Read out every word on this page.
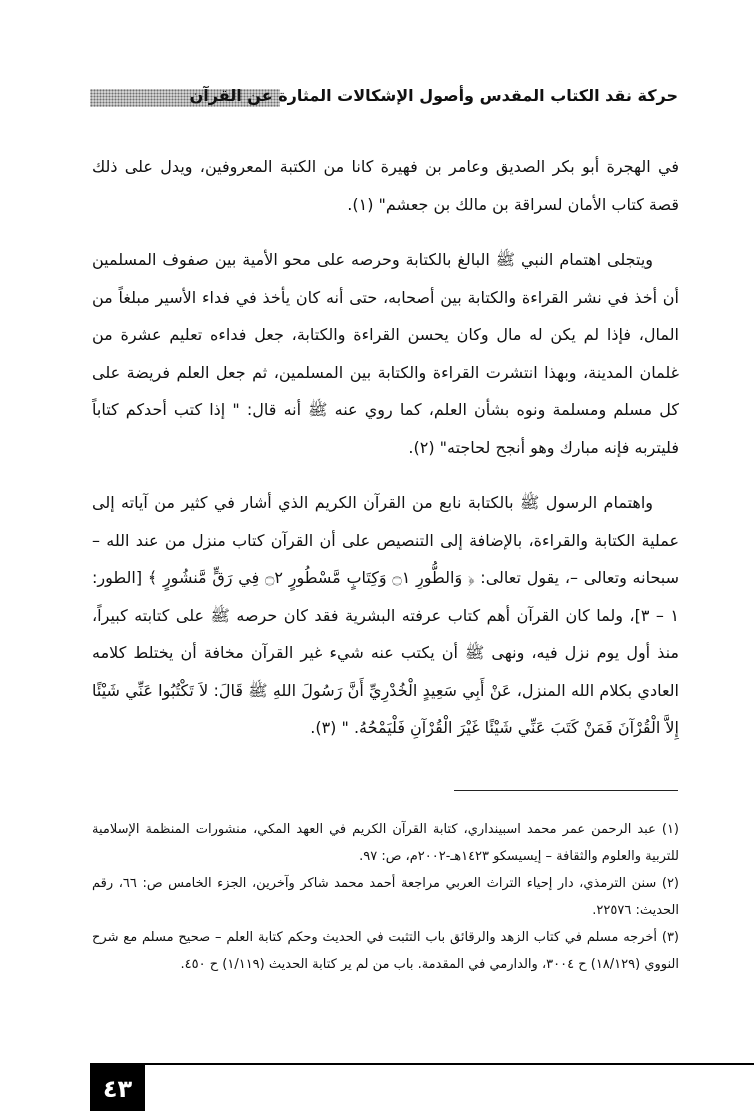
حركة نقد الكتاب المقدس وأصول الإشكالات المثارة عن القرآن

في الهجرة أبو بكر الصديق وعامر بن فهيرة كانا من الكتبة المعروفين، ويدل على ذلك قصة كتاب الأمان لسراقة بن مالك بن جعشم" (١).

ويتجلى اهتمام النبي ﷺ البالغ بالكتابة وحرصه على محو الأمية بين صفوف المسلمين أن أخذ في نشر القراءة والكتابة بين أصحابه، حتى أنه كان يأخذ في فداء الأسير مبلغاً من المال، فإذا لم يكن له مال وكان يحسن القراءة والكتابة، جعل فداءه تعليم عشرة من غلمان المدينة، وبهذا انتشرت القراءة والكتابة بين المسلمين، ثم جعل العلم فريضة على كل مسلم ومسلمة ونوه بشأن العلم، كما روي عنه ﷺ أنه قال: " إذا كتب أحدكم كتاباً فليتربه فإنه مبارك وهو أنجح لحاجته" (٢).

واهتمام الرسول ﷺ بالكتابة نابع من القرآن الكريم الذي أشار في كثير من آياته إلى عملية الكتابة والقراءة، بالإضافة إلى التنصيص على أن القرآن كتاب منزل من عند الله – سبحانه وتعالى –، يقول تعالى: ﴿ وَالطُّورِ ۝١ وَكِتَابٍ مَّسْطُورٍ ۝٢ فِي رَقٍّ مَّنشُورٍ ﴾ [الطور: ١ – ٣]، ولما كان القرآن أهم كتاب عرفته البشرية فقد كان حرصه ﷺ على كتابته كبيراً، منذ أول يوم نزل فيه، ونهى ﷺ أن يكتب عنه شيء غير القرآن مخافة أن يختلط كلامه العادي بكلام الله المنزل، عَنْ أَبِي سَعِيدٍ الْخُدْرِيِّ أَنَّ رَسُولَ اللهِ ﷺ قَالَ: لاَ تَكْتُبُوا عَنِّي شَيْئًا إِلاَّ الْقُرْآنَ فَمَنْ كَتَبَ عَنِّي شَيْئًا غَيْرَ الْقُرْآنِ فَلْيَمْحُهُ. " (٣).

(١) عبد الرحمن عمر محمد اسبينداري، كتابة القرآن الكريم في العهد المكي، منشورات المنظمة الإسلامية للتربية والعلوم والثقافة – إيسيسكو ١٤٢٣هـ-٢٠٠٢م، ص: ٩٧.

(٢) سنن الترمذي، دار إحياء التراث العربي مراجعة أحمد محمد شاكر وآخرين، الجزء الخامس ص: ٦٦، رقم الحديث: ٢٢٥٧٦.

(٣) أخرجه مسلم في كتاب الزهد والرقائق باب التثبت في الحديث وحكم كتابة العلم – صحيح مسلم مع شرح النووي (١٨/١٢٩) ح ٣٠٠٤، والدارمي في المقدمة. باب من لم ير كتابة الحديث (١/١١٩) ح ٤٥٠.

٤٣
